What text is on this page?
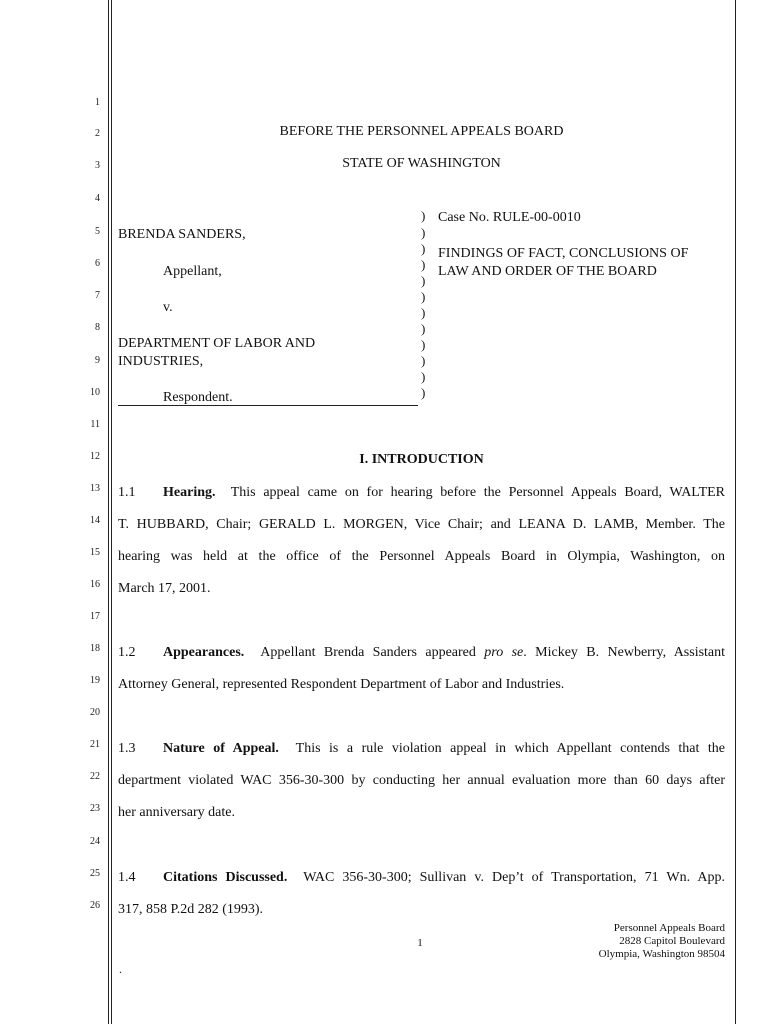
1
2
3
4
5
6
7
8
9
10
11
12
13
14
15
16
17
18
19
20
21
22
23
24
25
26
BEFORE THE PERSONNEL APPEALS BOARD
STATE OF WASHINGTON
BRENDA SANDERS,
Appellant,
v.
DEPARTMENT OF LABOR AND
INDUSTRIES,
Respondent.
)
)
)
)
)
)
)
)
)
)
)
)
Case No. RULE-00-0010
FINDINGS OF FACT, CONCLUSIONS OF
LAW AND ORDER OF THE BOARD
I. INTRODUCTION
1.1 Hearing. This appeal came on for hearing before the Personnel Appeals Board, WALTER
T. HUBBARD, Chair; GERALD L. MORGEN, Vice Chair; and LEANA D. LAMB, Member. The
hearing was held at the office of the Personnel Appeals Board in Olympia, Washington, on
March 17, 2001.
1.2 Appearances. Appellant Brenda Sanders appeared pro se. Mickey B. Newberry, Assistant
Attorney General, represented Respondent Department of Labor and Industries.
1.3 Nature of Appeal. This is a rule violation appeal in which Appellant contends that the
department violated WAC 356-30-300 by conducting her annual evaluation more than 60 days after
her anniversary date.
1.4 Citations Discussed. WAC 356-30-300; Sullivan v. Dep’t of Transportation, 71 Wn. App.
317, 858 P.2d 282 (1993).
1
Personnel Appeals Board
2828 Capitol Boulevard
Olympia, Washington 98504
.
